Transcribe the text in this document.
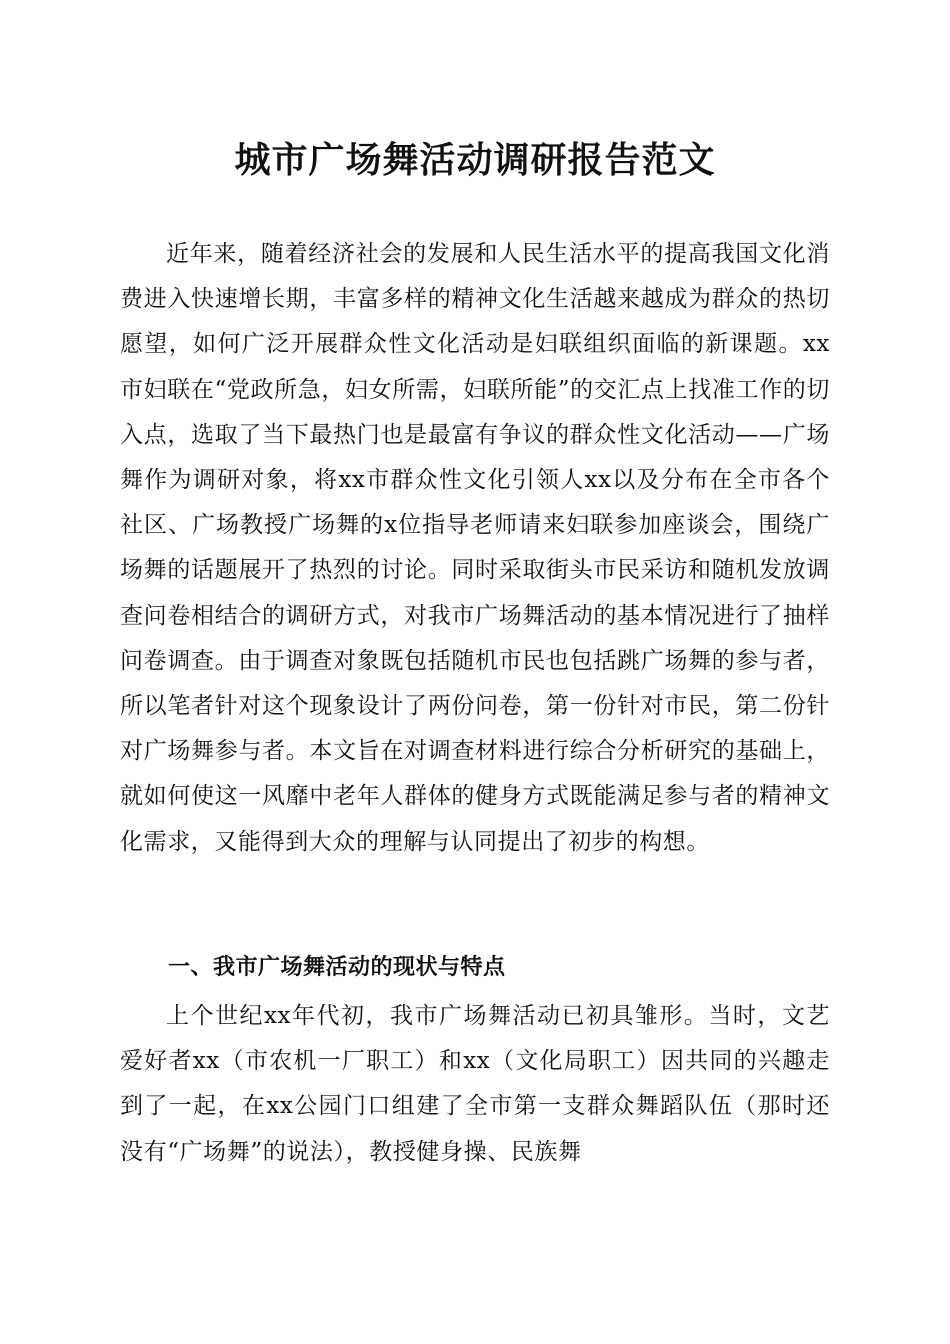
城市广场舞活动调研报告范文

近年来，随着经济社会的发展和人民生活水平的提高我国文化消费进入快速增长期，丰富多样的精神文化生活越来越成为群众的热切愿望，如何广泛开展群众性文化活动是妇联组织面临的新课题。xx市妇联在“党政所急，妇女所需，妇联所能”的交汇点上找准工作的切入点，选取了当下最热门也是最富有争议的群众性文化活动——广场舞作为调研对象，将xx市群众性文化引领人xx以及分布在全市各个社区、广场教授广场舞的x位指导老师请来妇联参加座谈会，围绕广场舞的话题展开了热烈的讨论。同时采取街头市民采访和随机发放调查问卷相结合的调研方式，对我市广场舞活动的基本情况进行了抽样问卷调查。由于调查对象既包括随机市民也包括跳广场舞的参与者，所以笔者针对这个现象设计了两份问卷，第一份针对市民，第二份针对广场舞参与者。本文旨在对调查材料进行综合分析研究的基础上，就如何使这一风靡中老年人群体的健身方式既能满足参与者的精神文化需求，又能得到大众的理解与认同提出了初步的构想。

一、我市广场舞活动的现状与特点

上个世纪xx年代初，我市广场舞活动已初具雏形。当时，文艺爱好者xx（市农机一厂职工）和xx（文化局职工）因共同的兴趣走到了一起，在xx公园门口组建了全市第一支群众舞蹈队伍（那时还没有“广场舞”的说法），教授健身操、民族舞
